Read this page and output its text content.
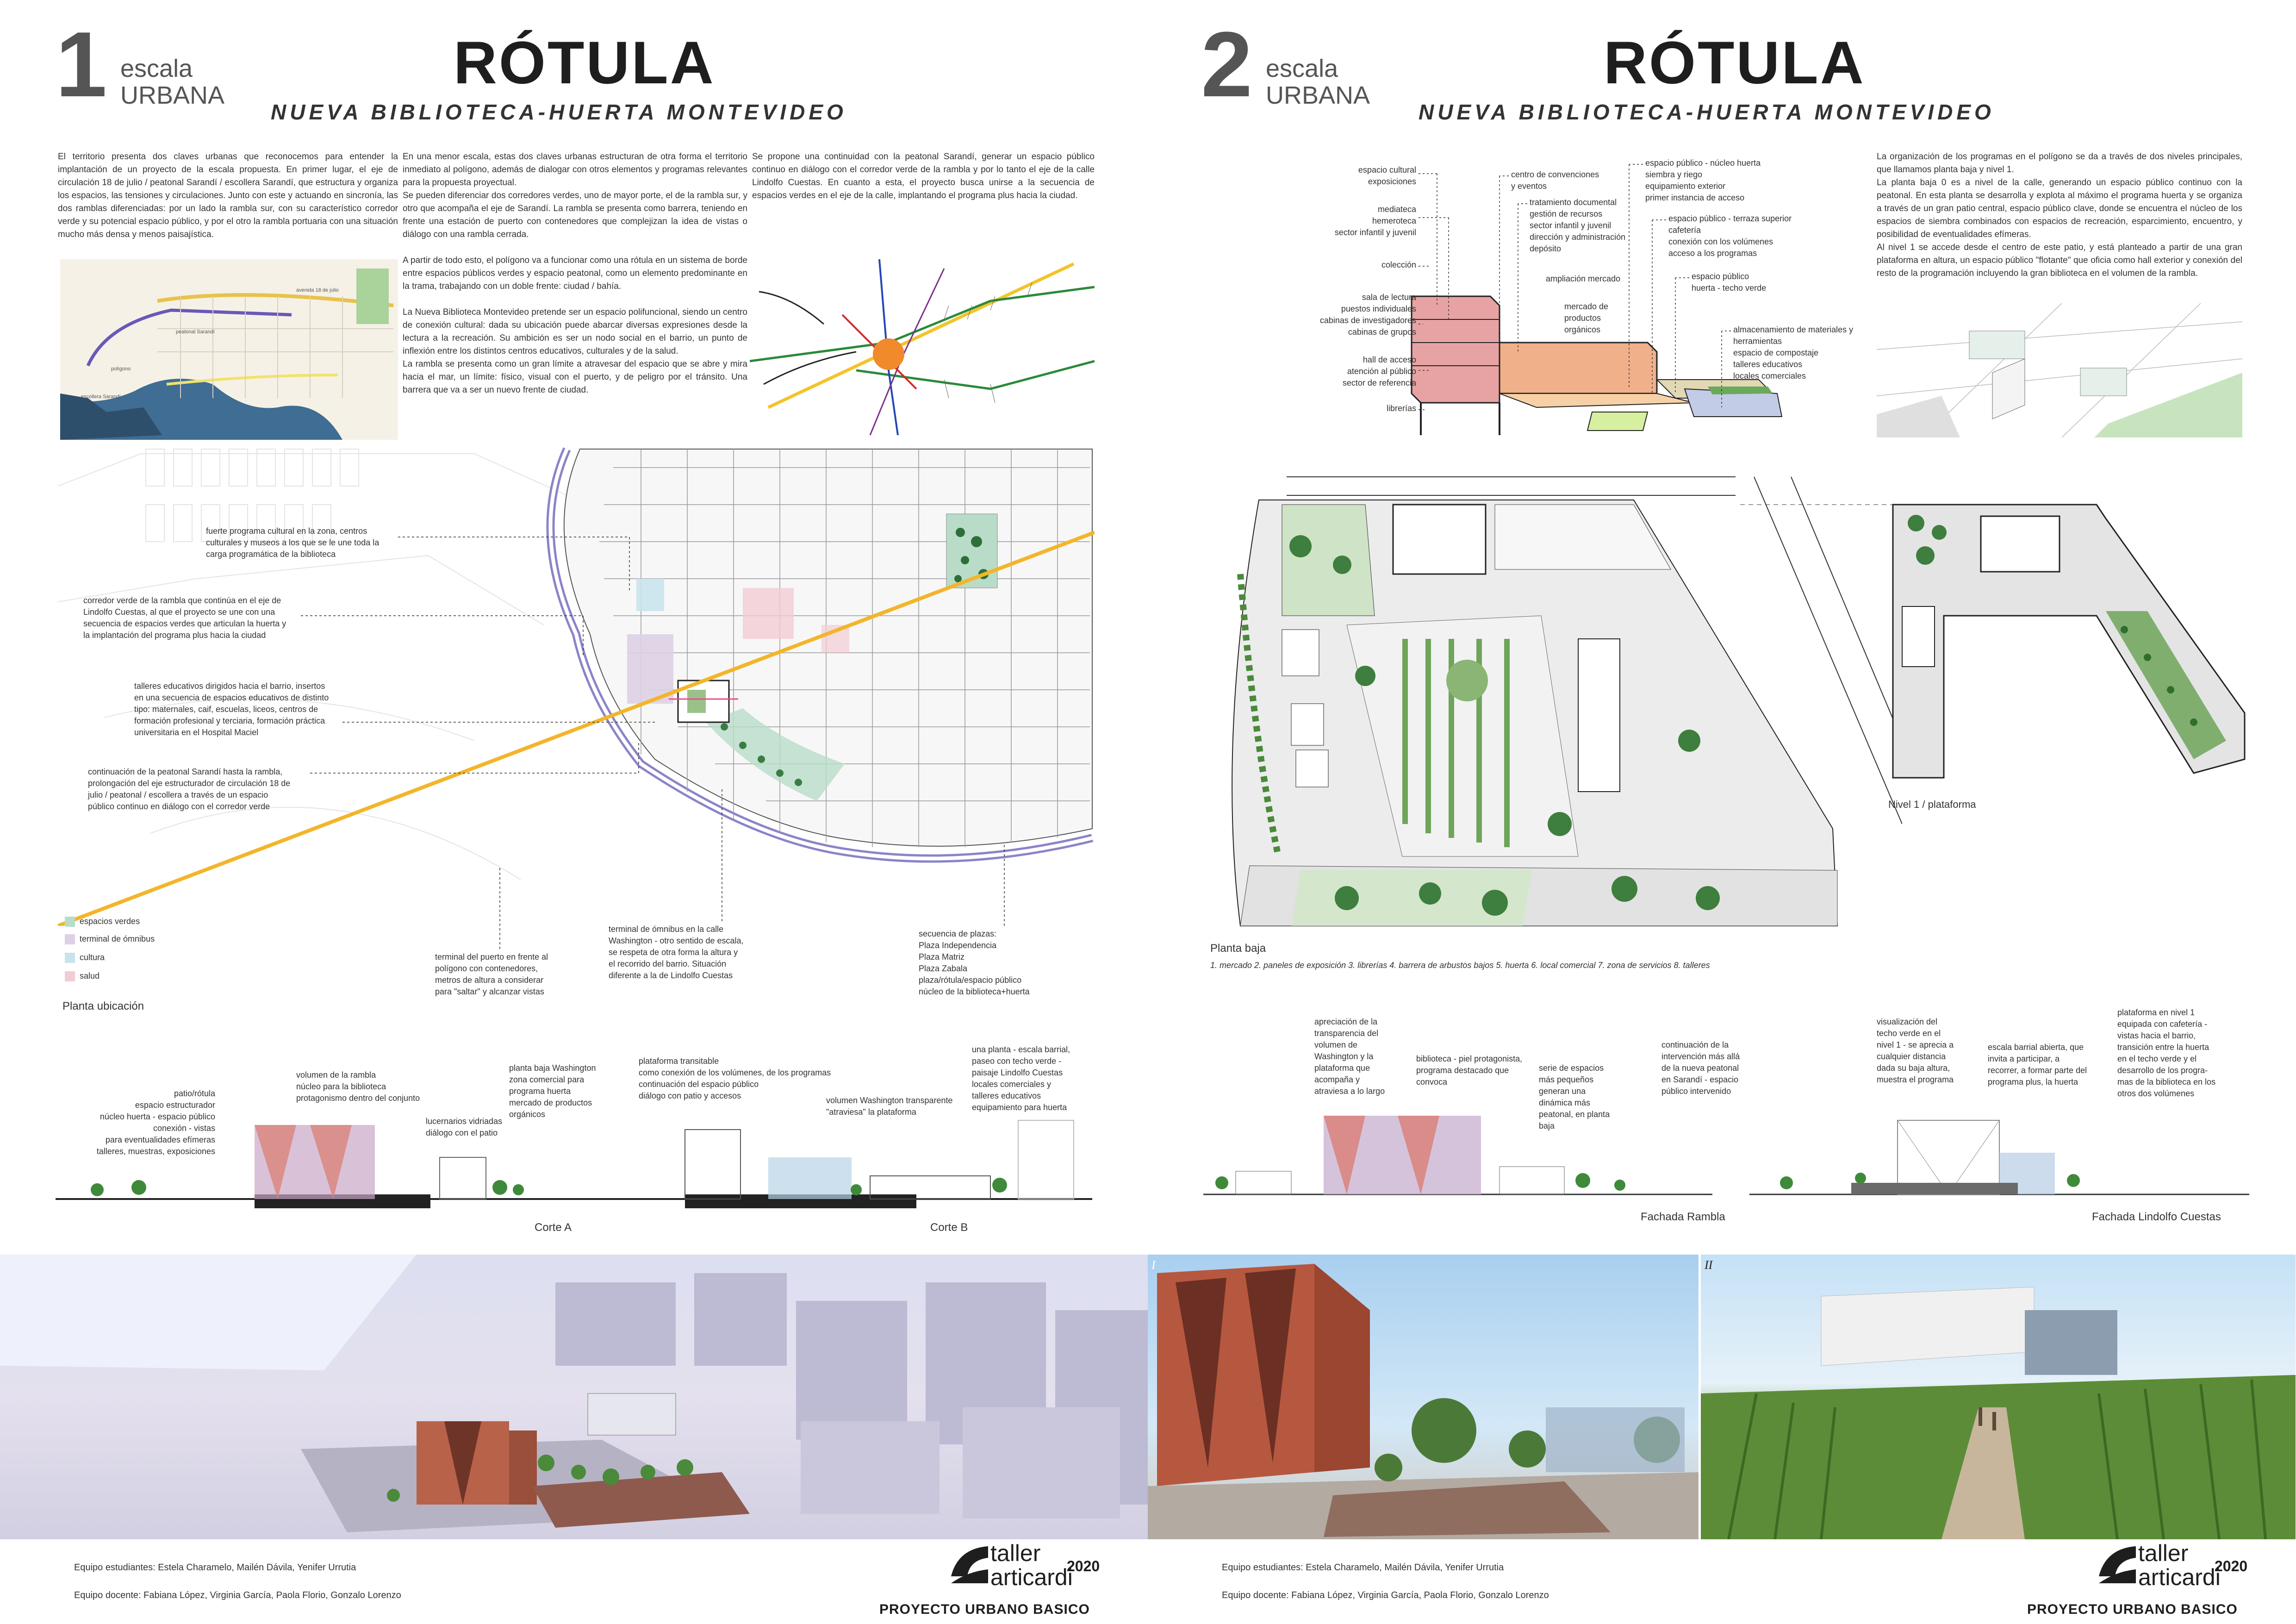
1 escala
URBANA	RÓTULA
NUEVA BIBLIOTECA-HUERTA MONTEVIDEO
El territorio presenta dos claves urbanas que reconocemos para entender la implantación de un proyecto de la escala propuesta. En primer lugar, el eje de circulación 18 de julio / peatonal Sarandí / escollera Sarandí, que estructura y organiza los espacios, las tensiones y circulaciones. Junto con este y actuando en sincronía, las dos ramblas diferenciadas: por un lado la rambla sur, con su característico corredor verde y su potencial espacio público, y por el otro la rambla portuaria con una situación mucho más densa y menos paisajística.
En una menor escala, estas dos claves urbanas estructuran de otra forma el territorio inmediato al polígono, además de dialogar con otros elementos y programas relevantes para la propuesta proyectual.
Se pueden diferenciar dos corredores verdes, uno de mayor porte, el de la rambla sur, y otro que acompaña el eje de Sarandí. La rambla se presenta como barrera, teniendo en frente una estación de puerto con contenedores que complejizan la idea de vistas o diálogo con una rambla cerrada.

A partir de todo esto, el polígono va a funcionar como una rótula en un sistema de borde entre espacios públicos verdes y espacio peatonal, como un elemento predominante en la trama, trabajando con un doble frente: ciudad / bahía.

La Nueva Biblioteca Montevideo pretende ser un espacio polifuncional, siendo un centro de conexión cultural: dada su ubicación puede abarcar diversas expresiones desde la lectura a la recreación. Su ambición es ser un nodo social en el barrio, un punto de inflexión entre los distintos centros educativos, culturales y de la salud.
La rambla se presenta como un gran límite a atravesar del espacio que se abre y mira hacia el mar, un límite: físico, visual con el puerto, y de peligro por el tránsito. Una barrera que va a ser un nuevo frente de ciudad.
Se propone una continuidad con la peatonal Sarandí, generar un espacio público continuo en diálogo con el corredor verde de la rambla y por lo tanto el eje de la calle Lindolfo Cuestas. En cuanto a esta, el proyecto busca unirse a la secuencia de espacios verdes en el eje de la calle, implantando el programa plus hacia la ciudad.
avenida 18 de julio
peatonal Sarandí
polígono
escollera Sarandí
fuerte programa cultural en la zona, centros
culturales y museos a los que se le une toda la
carga programática de la biblioteca
corredor verde de la rambla que continúa en el eje de
Lindolfo Cuestas, al que el proyecto se une con una
secuencia de espacios verdes que articulan la huerta y
la implantación del programa plus hacia la ciudad
talleres educativos dirigidos hacia el barrio, insertos
en una secuencia de espacios educativos de distinto
tipo: maternales, caif, escuelas, liceos, centros de
formación profesional y terciaria, formación práctica
universitaria en el Hospital Maciel
continuación de la peatonal Sarandí hasta la rambla,
prolongación del eje estructurador de circulación 18 de
julio / peatonal / escollera a través de un espacio
público continuo en diálogo con el corredor verde
terminal del puerto en frente al
polígono con contenedores,
metros de altura a considerar
para "saltar" y alcanzar vistas
terminal de ómnibus en la calle
Washington - otro sentido de escala,
se respeta de otra forma la altura y
el recorrido del barrio. Situación
diferente a la de Lindolfo Cuestas
secuencia de plazas:
Plaza Independencia
Plaza Matriz
Plaza Zabala
plaza/rótula/espacio público
núcleo de la biblioteca+huerta
espacios verdes
terminal de ómnibus
cultura
salud
Planta ubicación
patio/rótula
espacio estructurador
núcleo huerta - espacio público
conexión - vistas
para eventualidades efímeras
talleres, muestras, exposiciones
volumen de la rambla
núcleo para la biblioteca
protagonismo dentro del conjunto
lucernarios vidriadas
diálogo con el patio
planta baja Washington
zona comercial para
programa huerta
mercado de productos
orgánicos
plataforma transitable
como conexión de los volúmenes, de los programas
continuación del espacio público
diálogo con patio y accesos	volumen Washington transparente
"atraviesa" la plataforma
una planta - escala barrial,
paseo con techo verde -
paisaje Lindolfo Cuestas
locales comerciales y
talleres educativos
equipamiento para huerta
Corte A	Corte B
Equipo estudiantes: Estela Charamelo, Mailén Dávila, Yenifer Urrutia
Equipo docente: Fabiana López, Virginia García, Paola Florio, Gonzalo Lorenzo
taller 2020
articardi
PROYECTO URBANO BASICO
2 escala
URBANA	RÓTULA
NUEVA BIBLIOTECA-HUERTA MONTEVIDEO
espacio cultural
exposiciones
mediateca
hemeroteca
sector infantil y juvenil
colección
sala de lectura
puestos individuales
cabinas de investigadores
cabinas de grupos
hall de acceso
atención al público
sector de referencia
librerías
centro de convenciones
y eventos
tratamiento documental
gestión de recursos
sector infantil y juvenil
dirección y administración
depósito
ampliación mercado
mercado de
productos
orgánicos
espacio público - núcleo huerta
siembra y riego
equipamiento exterior
primer instancia de acceso
espacio público - terraza superior
cafetería
conexión con los volúmenes
acceso a los programas
espacio público
huerta - techo verde
almacenamiento de materiales y
herramientas
espacio de compostaje
talleres educativos
locales comerciales
La organización de los programas en el polígono se da a través de dos niveles principales, que llamamos planta baja y nivel 1.
La planta baja 0 es a nivel de la calle, generando un espacio público continuo con la peatonal. En esta planta se desarrolla y explota al máximo el programa huerta y se organiza a través de un gran patio central, espacio público clave, donde se encuentra el núcleo de los espacios de siembra combinados con espacios de recreación, esparcimiento, encuentro, y posibilidad de eventualidades efímeras.
Al nivel 1 se accede desde el centro de este patio, y está planteado a partir de una gran plataforma en altura, un espacio público "flotante" que oficia como hall exterior y conexión del resto de la programación incluyendo la gran biblioteca en el volumen de la rambla.
Planta baja
1. mercado 2. paneles de exposición 3. librerías 4. barrera de arbustos bajos 5. huerta 6. local comercial 7. zona de servicios 8. talleres
Nivel 1 / plataforma
apreciación de la
transparencia del
volumen de
Washington y la
plataforma que
acompaña y
atraviesa a lo largo
biblioteca - piel protagonista,
programa destacado que
convoca
serie de espacios
más pequeños
generan una
dinámica más
peatonal, en planta
baja
continuación de la
intervención más allá
de la nueva peatonal
en Sarandí - espacio
público intervenido
visualización del
techo verde en el
nivel 1 - se aprecia a
cualquier distancia
dada su baja altura,
muestra el programa
escala barrial abierta, que
invita a participar, a
recorrer, a formar parte del
programa plus, la huerta
plataforma en nivel 1
equipada con cafetería -
vistas hacia el barrio,
transición entre la huerta
en el techo verde y el
desarrollo de los progra-
mas de la biblioteca en los
otros dos volúmenes
Fachada Rambla	Fachada Lindolfo Cuestas
I	II
Equipo estudiantes: Estela Charamelo, Mailén Dávila, Yenifer Urrutia
Equipo docente: Fabiana López, Virginia García, Paola Florio, Gonzalo Lorenzo
taller 2020
articardi
PROYECTO URBANO BASICO
